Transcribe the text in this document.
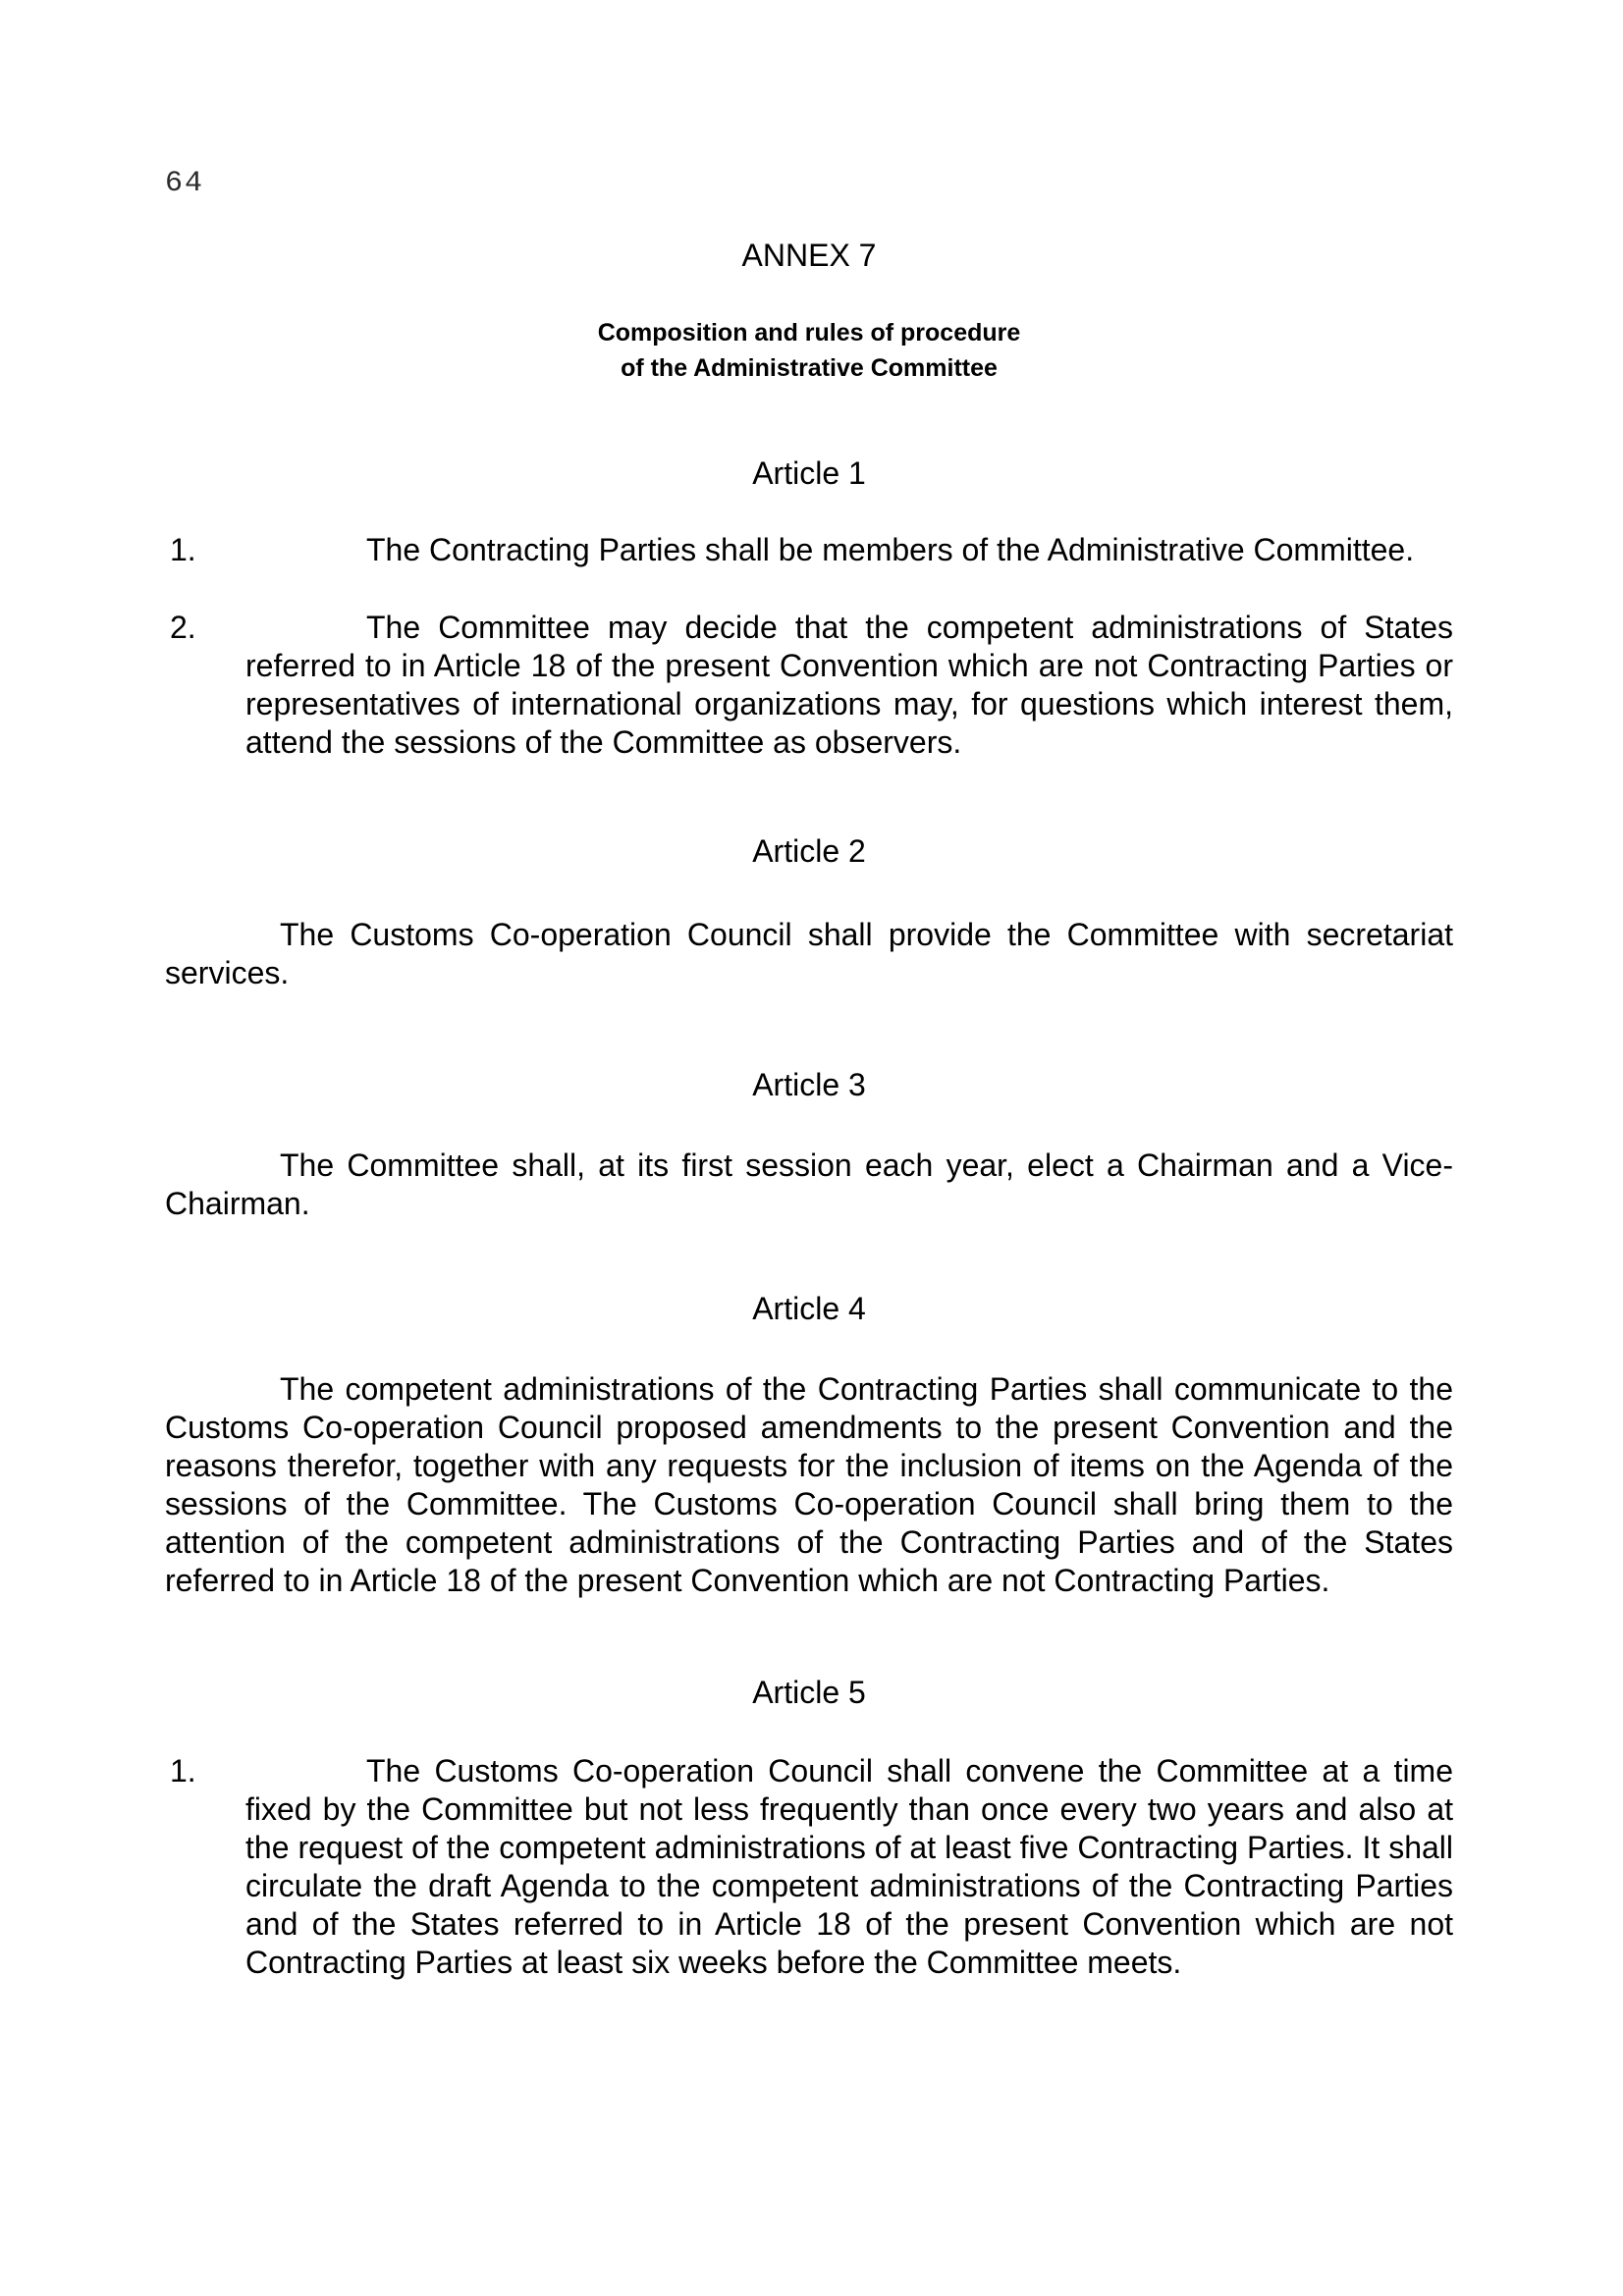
64
ANNEX 7
Composition and rules of procedure
of the Administrative Committee
Article 1
1.	The Contracting Parties shall be members of the Administrative Committee.

2.	The Committee may decide that the competent administrations of States referred to in Article 18 of the present Convention which are not Contracting Parties or representatives of international organizations may, for questions which interest them, attend the sessions of the Committee as observers.

Article 2

The Customs Co-operation Council shall provide the Committee with secretariat services.

Article 3

The Committee shall, at its first session each year, elect a Chairman and a Vice-Chairman.

Article 4

The competent administrations of the Contracting Parties shall communicate to the Customs Co-operation Council proposed amendments to the present Convention and the reasons therefor, together with any requests for the inclusion of items on the Agenda of the sessions of the Committee. The Customs Co-operation Council shall bring them to the attention of the competent administrations of the Contracting Parties and of the States referred to in Article 18 of the present Convention which are not Contracting Parties.

Article 5
1.	The Customs Co-operation Council shall convene the Committee at a time fixed by the Committee but not less frequently than once every two years and also at the request of the competent administrations of at least five Contracting Parties. It shall circulate the draft Agenda to the competent administrations of the Contracting Parties and of the States referred to in Article 18 of the present Convention which are not Contracting Parties at least six weeks before the Committee meets.
